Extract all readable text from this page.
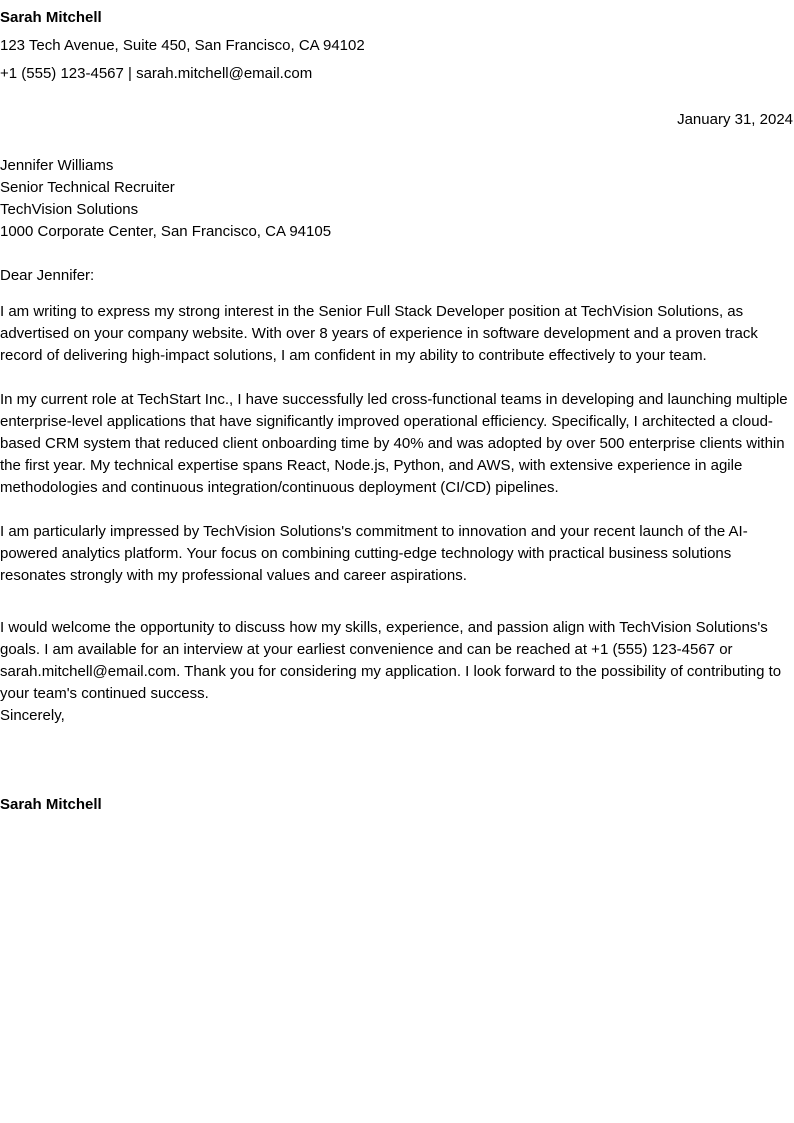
Sarah Mitchell

123 Tech Avenue, Suite 450, San Francisco, CA 94102

+1 (555) 123-4567 | sarah.mitchell@email.com

January 31, 2024

Jennifer Williams

Senior Technical Recruiter

TechVision Solutions

1000 Corporate Center, San Francisco, CA 94105

Dear Jennifer:

I am writing to express my strong interest in the Senior Full Stack Developer position at TechVision Solutions, as advertised on your company website. With over 8 years of experience in software development and a proven track record of delivering high-impact solutions, I am confident in my ability to contribute effectively to your team.

In my current role at TechStart Inc., I have successfully led cross-functional teams in developing and launching multiple enterprise-level applications that have significantly improved operational efficiency. Specifically, I architected a cloud-based CRM system that reduced client onboarding time by 40% and was adopted by over 500 enterprise clients within the first year. My technical expertise spans React, Node.js, Python, and AWS, with extensive experience in agile methodologies and continuous integration/continuous deployment (CI/CD) pipelines.

I am particularly impressed by TechVision Solutions's commitment to innovation and your recent launch of the AI-powered analytics platform. Your focus on combining cutting-edge technology with practical business solutions resonates strongly with my professional values and career aspirations.

I would welcome the opportunity to discuss how my skills, experience, and passion align with TechVision Solutions's goals. I am available for an interview at your earliest convenience and can be reached at +1 (555) 123-4567 or sarah.mitchell@email.com. Thank you for considering my application. I look forward to the possibility of contributing to your team's continued success.

Sincerely,

Sarah Mitchell
